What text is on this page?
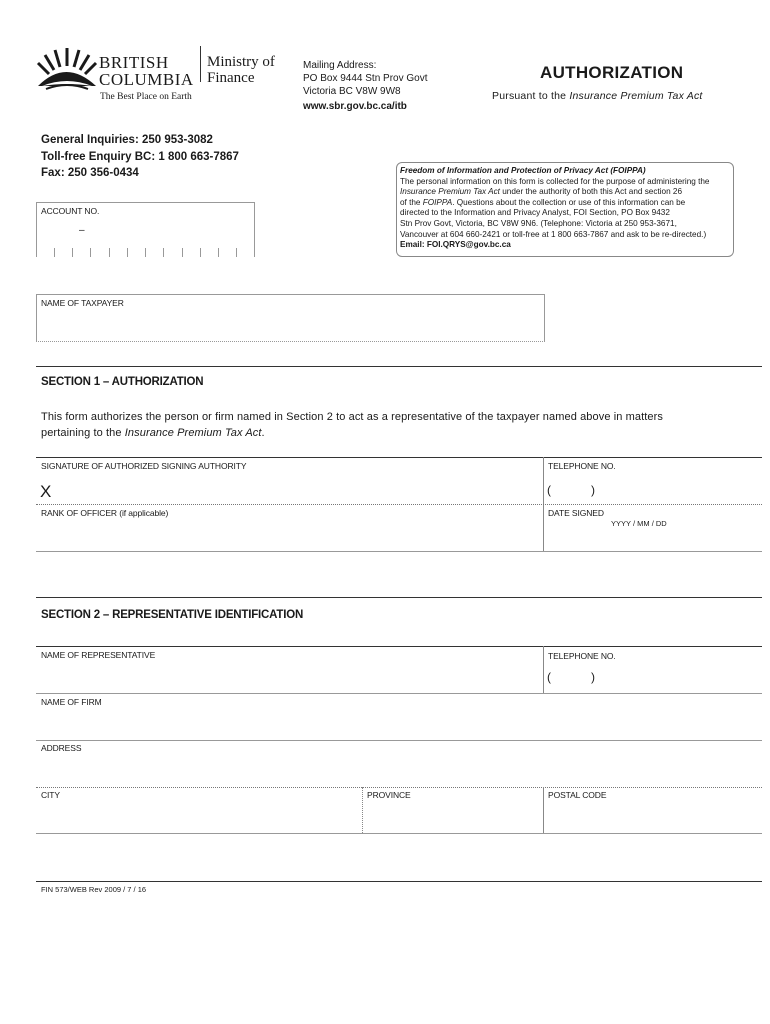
BRITISH
COLUMBIA
The Best Place on Earth
Ministry of
Finance
Mailing Address:
PO Box 9444 Stn Prov Govt
Victoria BC V8W 9W8
www.sbr.gov.bc.ca/itb
AUTHORIZATION
Pursuant to the Insurance Premium Tax Act
General Inquiries: 250 953-3082
Toll-free Enquiry BC: 1 800 663-7867
Fax: 250 356-0434	Freedom of Information and Protection of Privacy Act (FOIPPA)
The personal information on this form is collected for the purpose of administering the
Insurance Premium Tax Act under the authority of both this Act and section 26
of the FOIPPA. Questions about the collection or use of this information can be
directed to the Information and Privacy Analyst, FOI Section, PO Box 9432
Stn Prov Govt, Victoria, BC V8W 9N6. (Telephone: Victoria at 250 953-3671,
Vancouver at 604 660-2421 or toll-free at 1 800 663-7867 and ask to be re-directed.)
Email: FOI.QRYS@gov.bc.ca
ACCOUNT NO.
–
NAME OF TAXPAYER
SECTION 1 – AUTHORIZATION
This form authorizes the person or firm named in Section 2 to act as a representative of the taxpayer named above in matters
pertaining to the Insurance Premium Tax Act.
SIGNATURE OF AUTHORIZED SIGNING AUTHORITY
X
TELEPHONE NO.
(            )
RANK OF OFFICER (if applicable)	DATE SIGNED
YYYY / MM / DD
SECTION 2 – REPRESENTATIVE IDENTIFICATION
NAME OF REPRESENTATIVE	TELEPHONE NO.
(            )
NAME OF FIRM
ADDRESS
CITY	PROVINCE	POSTAL CODE
FIN 573/WEB Rev 2009 / 7 / 16
